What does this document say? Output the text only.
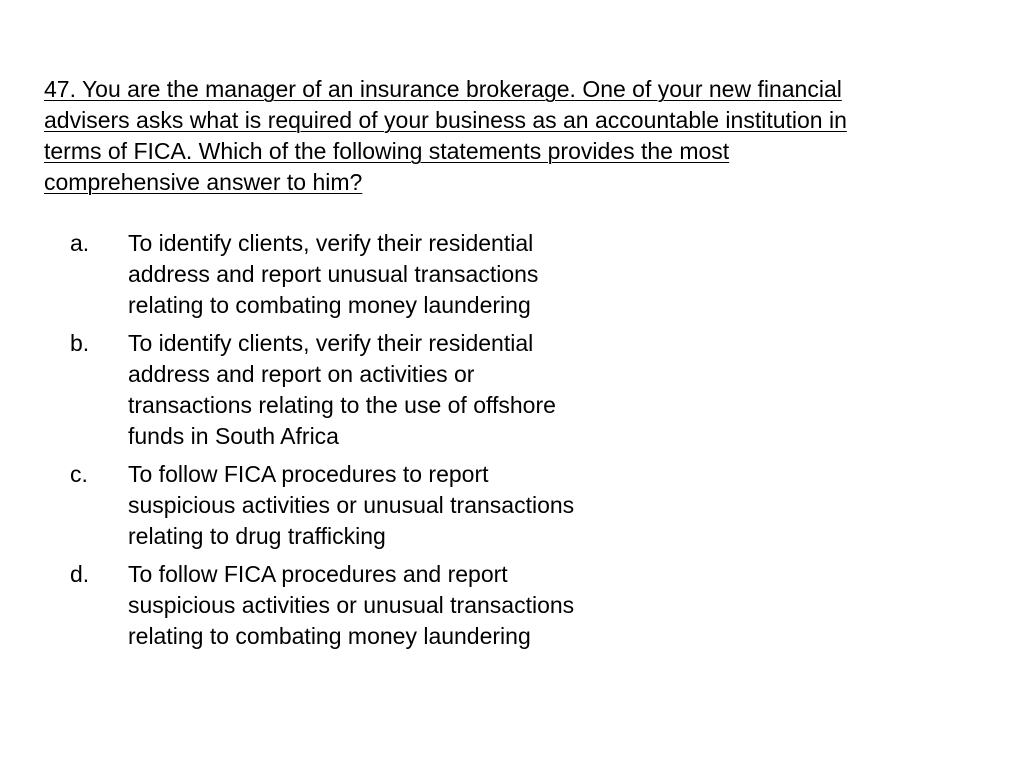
47. You are the manager of an insurance brokerage. One of your new financial
advisers asks what is required of your business as an accountable institution in
terms of FICA. Which of the following statements provides the most
comprehensive answer to him?

a.	To identify clients, verify their residential
address and report unusual transactions
relating to combating money laundering
b.	To identify clients, verify their residential
address and report on activities or
transactions relating to the use of offshore
funds in South Africa
c.	To follow FICA procedures to report
suspicious activities or unusual transactions
relating to drug trafficking
d.	To follow FICA procedures and report
suspicious activities or unusual transactions
relating to combating money laundering
